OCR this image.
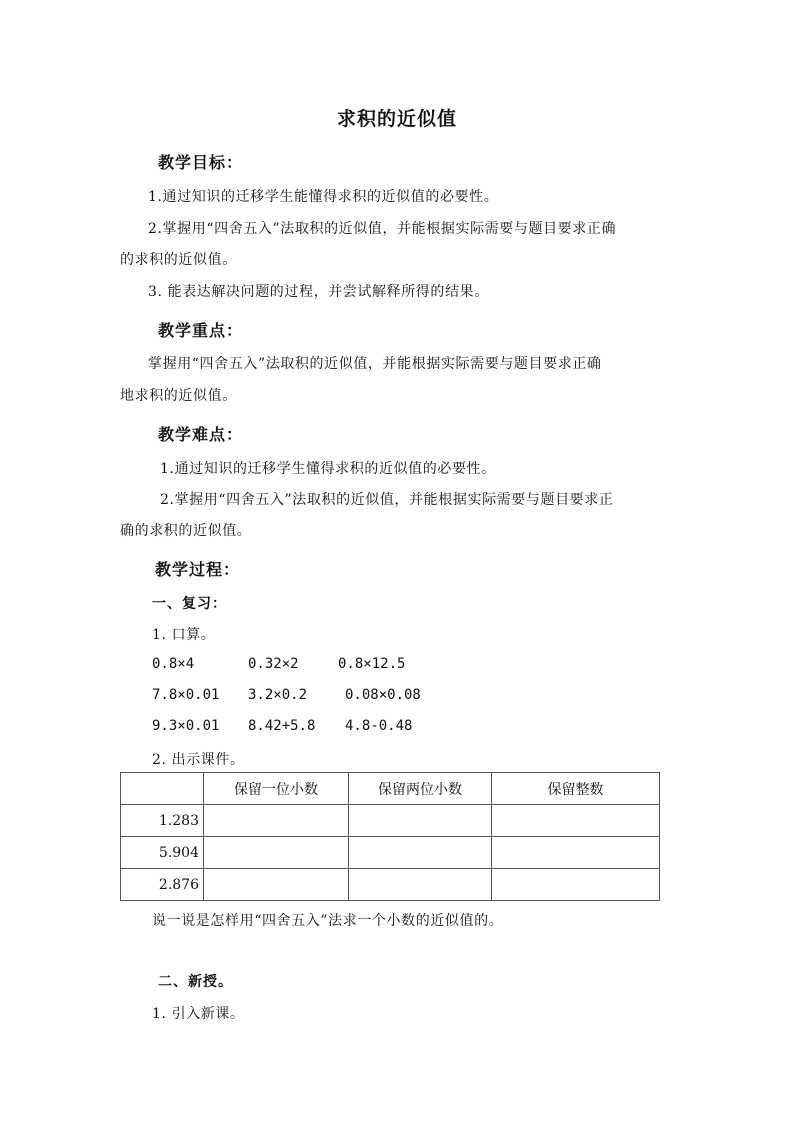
求积的近似值
教学目标：
1.通过知识的迁移学生能懂得求积的近似值的必要性。
2.掌握用“四舍五入”法取积的近似值，并能根据实际需要与题目要求正确
的求积的近似值。
3. 能表达解决问题的过程，并尝试解释所得的结果。
教学重点：
掌握用“四舍五入”法取积的近似值，并能根据实际需要与题目要求正确
地求积的近似值。
教学难点：
1.通过知识的迁移学生懂得求积的近似值的必要性。
2.掌握用“四舍五入”法取积的近似值，并能根据实际需要与题目要求正
确的求积的近似值。
教学过程：
一、复习：
1. 口算。
0.8×4	0.32×2	0.8×12.5
7.8×0.01 3.2×0.2	0.08×0.08
9.3×0.01 8.42+5.8 4.8-0.48
2. 出示课件。
	保留一位小数	保留两位小数	保留整数
1.283			
5.904			
2.876			
说一说是怎样用“四舍五入”法求一个小数的近似值的。
二、新授。
1. 引入新课。
